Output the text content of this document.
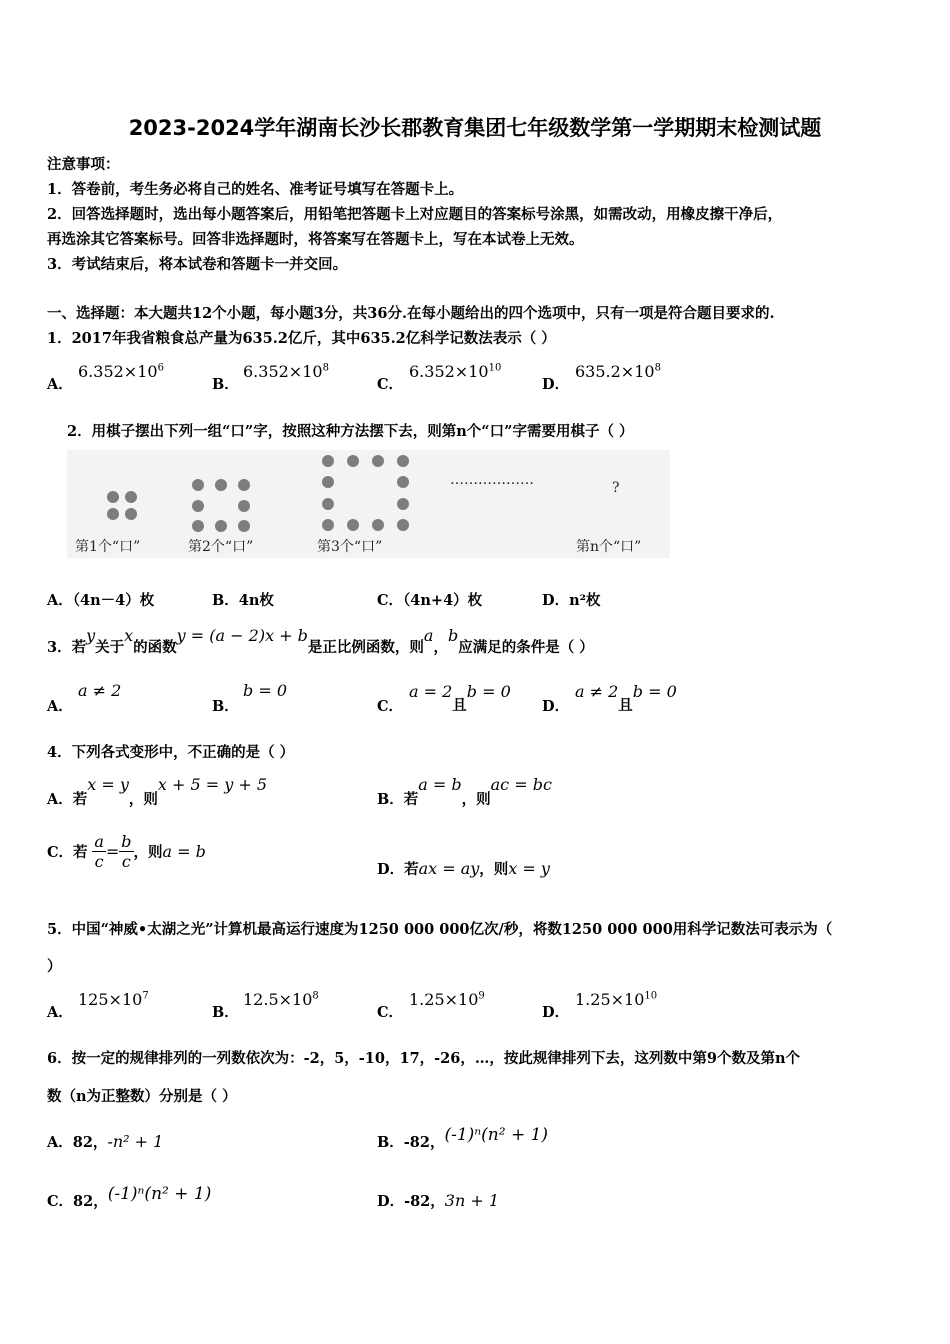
2023-2024学年湖南长沙长郡教育集团七年级数学第一学期期末检测试题
注意事项：
1．答卷前，考生务必将自己的姓名、准考证号填写在答题卡上。
2．回答选择题时，选出每小题答案后，用铅笔把答题卡上对应题目的答案标号涂黑，如需改动，用橡皮擦干净后，
再选涂其它答案标号。回答非选择题时，将答案写在答题卡上，写在本试卷上无效。
3．考试结束后，将本试卷和答题卡一并交回。
一、选择题：本大题共12个小题，每小题3分，共36分.在每小题给出的四个选项中，只有一项是符合题目要求的.
1．2017年我省粮食总产量为635.2亿斤，其中635.2亿科学记数法表示（ ）
A．
$6.352\times 10^6$
B．
$6.352\times 10^8$
C．
$6.352\times 10^{10}$
D．
$635.2\times 10^8$
2．用棋子摆出下列一组“口”字，按照这种方法摆下去，则第n个“口”字需要用棋子（ ）
………………	?
第1个“口”	第2个“口”	第3个“口”	第n个“口”
A．（4n－4）枚	B．4n枚	C．（4n+4）枚	D．n²枚
3．若y关于x的函数y = (a − 2)x + b是正比例函数，则a，b应满足的条件是（ ）
A．
a ≠ 2
B．
b = 0
C．
a = 2且b = 0
D．
a ≠ 2且b = 0
4．下列各式变形中，不正确的是（ ）
A．若x = y，则x + 5 = y + 5
B．若a = b，则ac = bc
C．若 $\frac{a}{c} = \frac{b}{c}$ ，则a = b
D．若ax = ay，则x = y
5．中国“神威•太湖之光”计算机最高运行速度为1250 000 000亿次/秒，将数1250 000 000用科学记数法可表示为（
）
A．
$125\times 10^7$
B．
$12.5\times 10^8$
C．
$1.25\times 10^9$
D．
$1.25\times 10^{10}$
6．按一定的规律排列的一列数依次为：-2，5，-10，17，-26，…，按此规律排列下去，这列数中第9个数及第n个
数（n为正整数）分别是（ ）
A．82，-n² + 1	B．-82，(-1)ⁿ(n² + 1)
C．82，(-1)ⁿ(n² + 1)	D．-82，3n + 1
